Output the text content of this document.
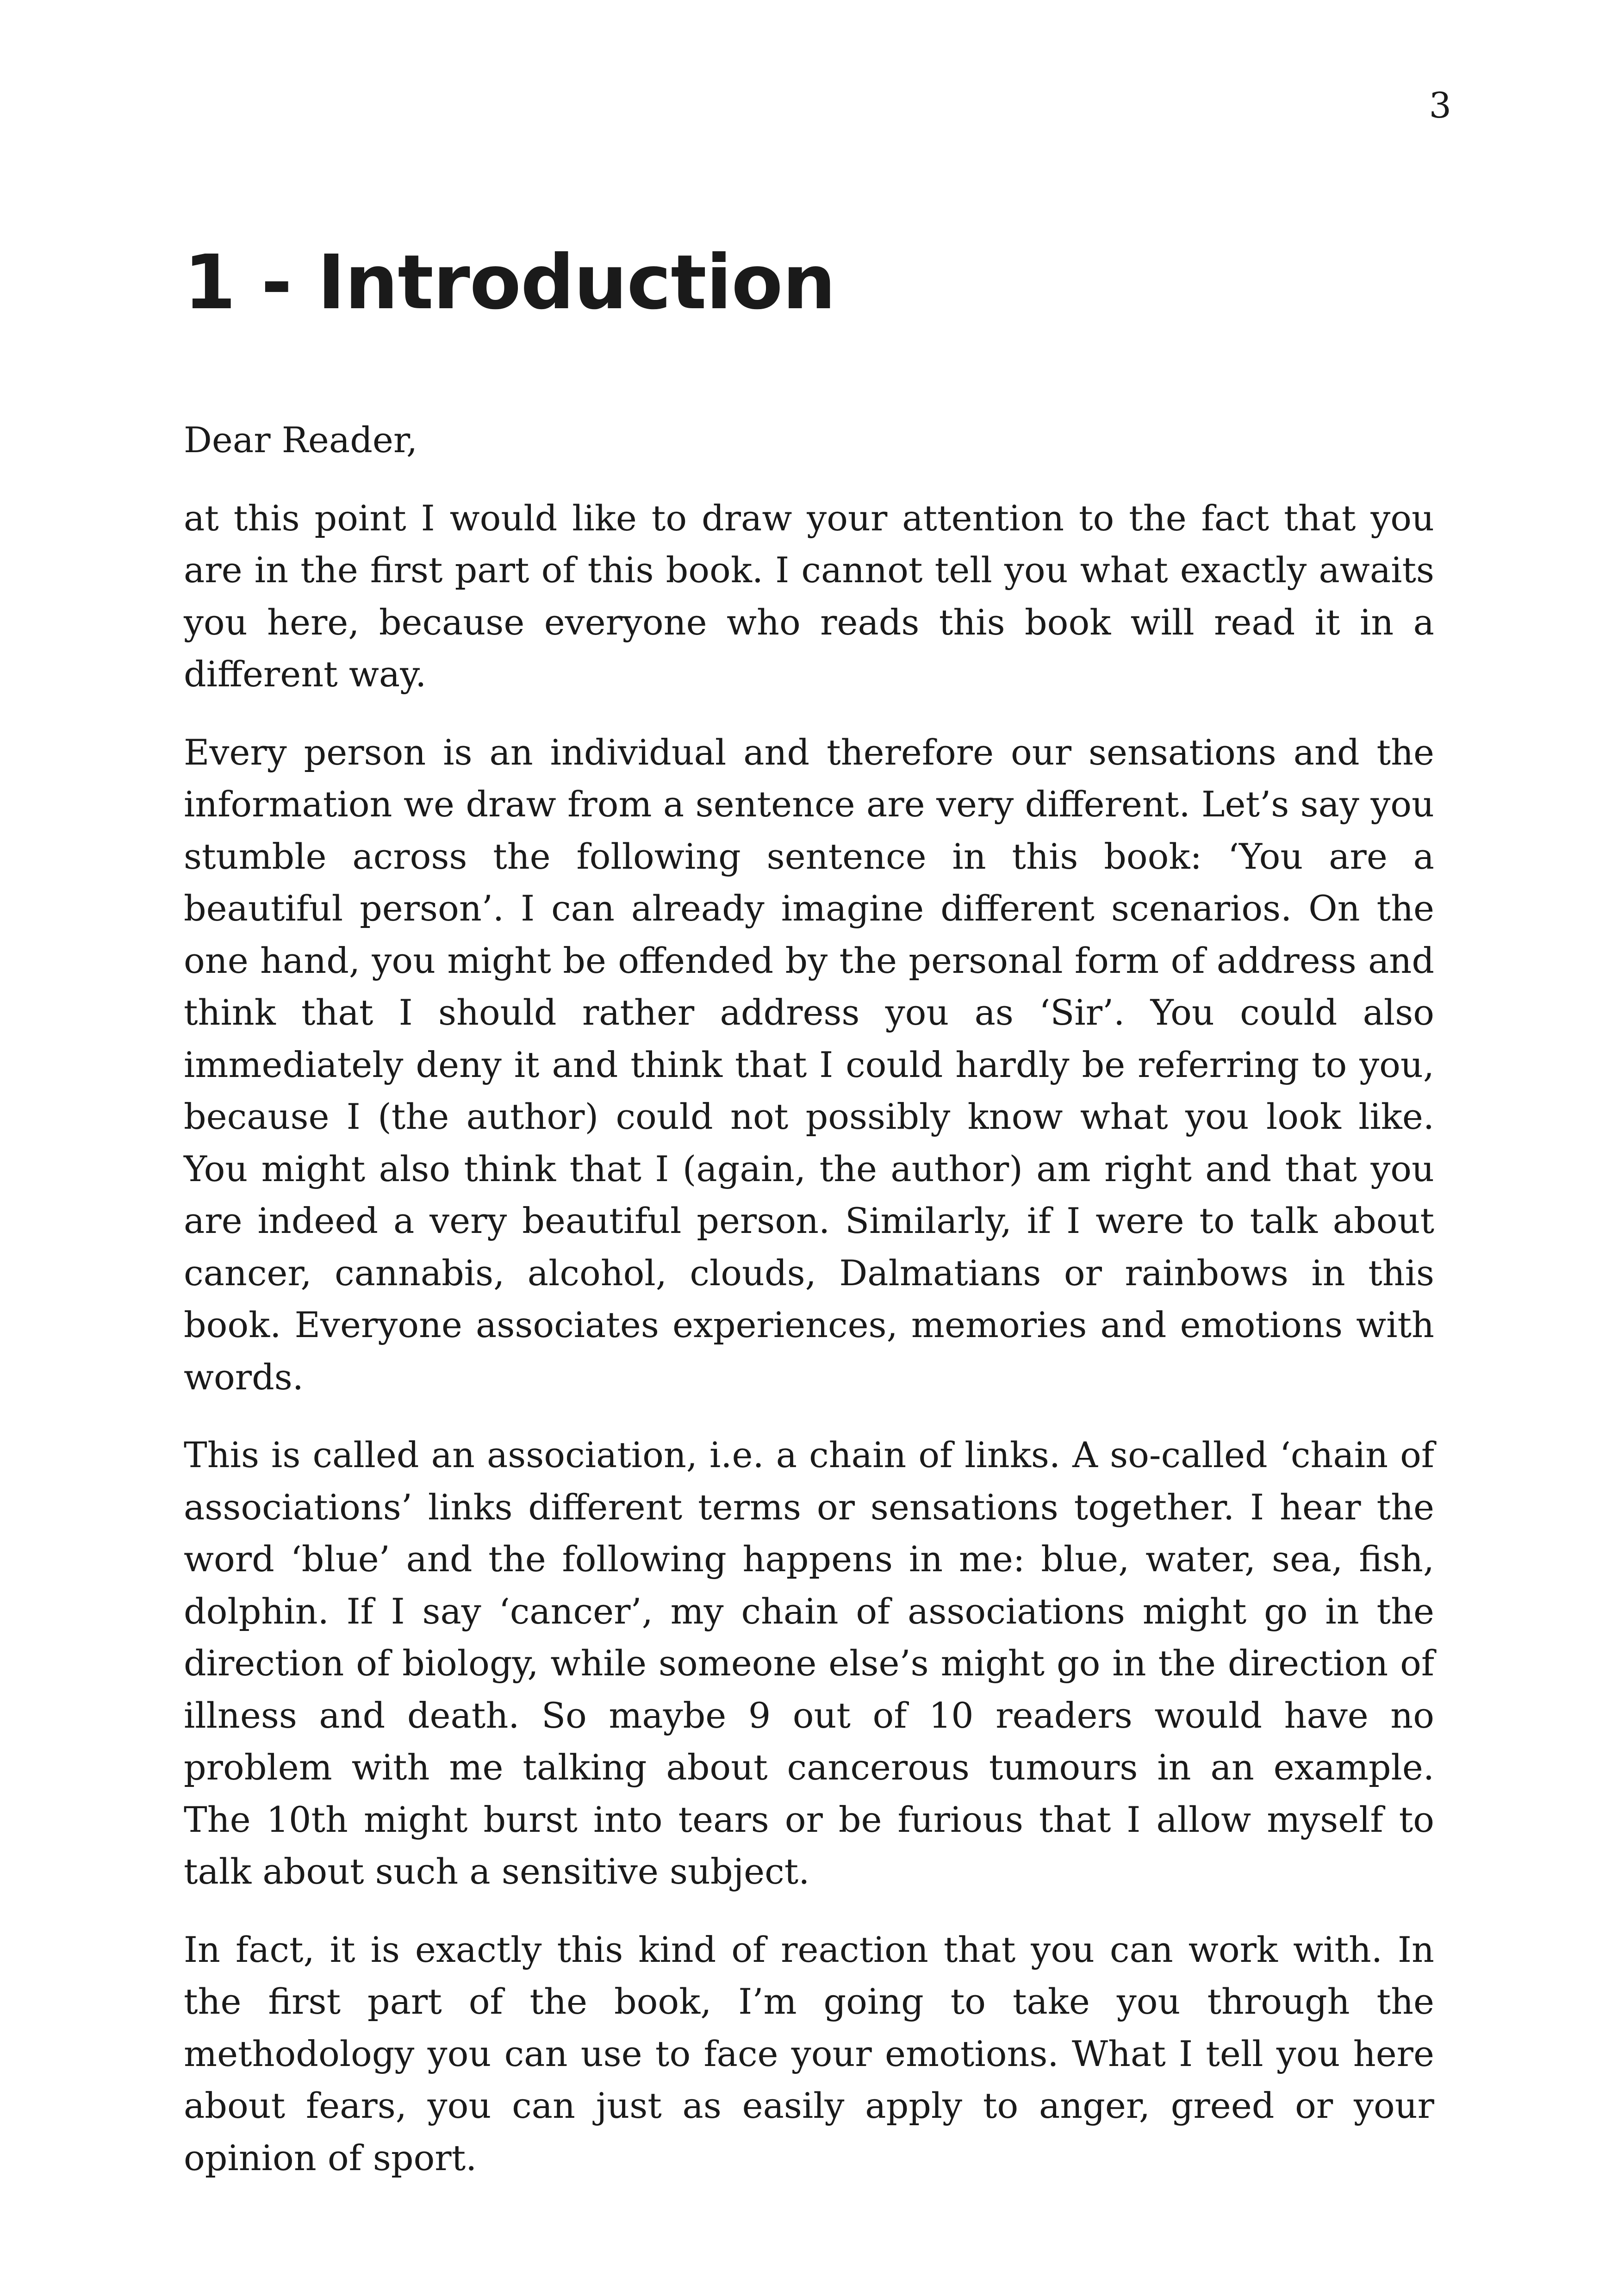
3
1 - Introduction

Dear Reader,

at this point I would like to draw your attention to the fact that you are in the first part of this book. I cannot tell you what exactly awaits you here, because everyone who reads this book will read it in a different way.

Every person is an individual and therefore our sensations and the information we draw from a sentence are very different. Let’s say you stumble across the following sentence in this book: ‘You are a beautiful person’. I can already imagine different scenarios. On the one hand, you might be offended by the personal form of address and think that I should rather address you as ‘Sir’. You could also immediately deny it and think that I could hardly be referring to you, because I (the author) could not possibly know what you look like. You might also think that I (again, the author) am right and that you are indeed a very beautiful person. Similarly, if I were to talk about cancer, cannabis, alcohol, clouds, Dalmatians or rainbows in this book. Everyone associates experiences, memories and emotions with words.

This is called an association, i.e. a chain of links. A so-called ‘chain of associations’ links different terms or sensations together. I hear the word ‘blue’ and the following happens in me: blue, water, sea, fish, dolphin. If I say ‘cancer’, my chain of associations might go in the direction of biology, while someone else’s might go in the direction of illness and death. So maybe 9 out of 10 readers would have no problem with me talking about cancerous tumours in an example. The 10th might burst into tears or be furious that I allow myself to talk about such a sensitive subject.

In fact, it is exactly this kind of reaction that you can work with. In the first part of the book, I’m going to take you through the methodology you can use to face your emotions. What I tell you here about fears, you can just as easily apply to anger, greed or your opinion of sport.
